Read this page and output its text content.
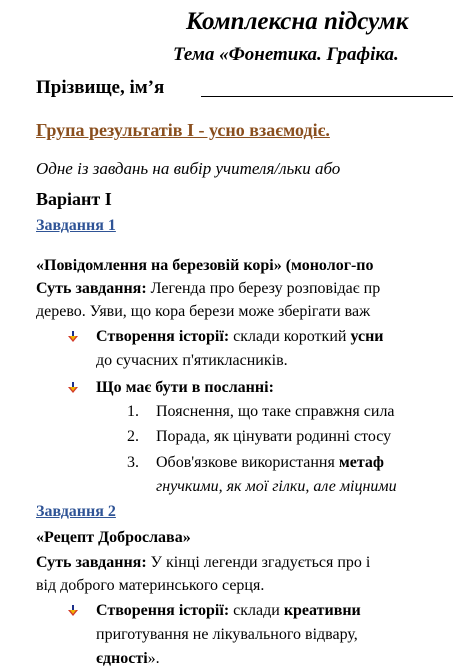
Комплексна підсумк
Тема «Фонетика. Графіка.
Прізвище, ім’я
Група результатів І - усно взаємодіє.
Одне із завдань на вибір учителя/льки або
Варіант І
Завдання 1
«Повідомлення на березовій корі» (монолог-по
Суть завдання: Легенда про березу розповідає пр
дерево. Уяви, що кора берези може зберігати важ
Створення історії: склади короткий усни
до сучасних п'ятикласників.
Що має бути в посланні:
1. Пояснення, що таке справжня сила
2. Порада, як цінувати родинні стосу
3. Обов'язкове використання метаф
гнучкими, як мої гілки, але міцними
Завдання 2
«Рецепт Доброслава»
Суть завдання: У кінці легенди згадується про і
від доброго материнського серця.
Створення історії: склади креативни
приготування не лікувального відвару,
єдності».
